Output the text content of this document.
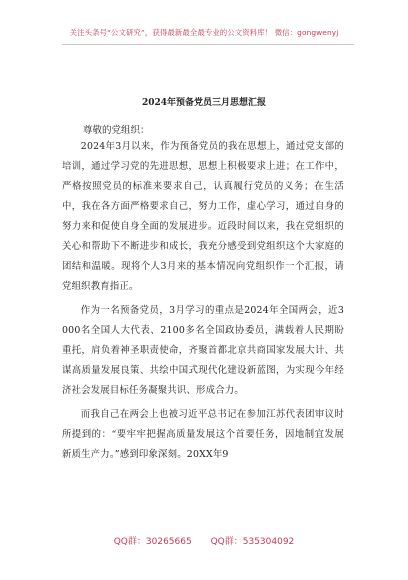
关注头条号“公文研究”，获得最新最全最专业的公文资料库！ 微信：gongwenyj
2024年预备党员三月思想汇报
尊敬的党组织：

2024年3月以来，作为预备党员的我在思想上，通过党支部的培训，通过学习党的先进思想，思想上积极要求上进；在工作中，严格按照党员的标准来要求自己，认真履行党员的义务；在生活中，我在各方面严格要求自己，努力工作，虚心学习，通过自身的努力来和促使自身全面的发展进步。近段时间以来，我在党组织的关心和帮助下不断进步和成长，我充分感受到党组织这个大家庭的团结和温暖。现将个人3月来的基本情况向党组织作一个汇报，请党组织教育指正。

作为一名预备党员，3月学习的重点是2024年全国两会，近3000名全国人大代表、2100多名全国政协委员，满载着人民期盼重托，肩负着神圣职责使命，齐聚首都北京共商国家发展大计、共谋高质量发展良策、共绘中国式现代化建设新蓝图，为实现今年经济社会发展目标任务凝聚共识、形成合力。

而我自己在两会上也被习近平总书记在参加江苏代表团审议时所提到的：“要牢牢把握高质量发展这个首要任务，因地制宜发展新质生产力。”感到印象深刻。20XX年9

QQ群：30265665 QQ群：535304092
